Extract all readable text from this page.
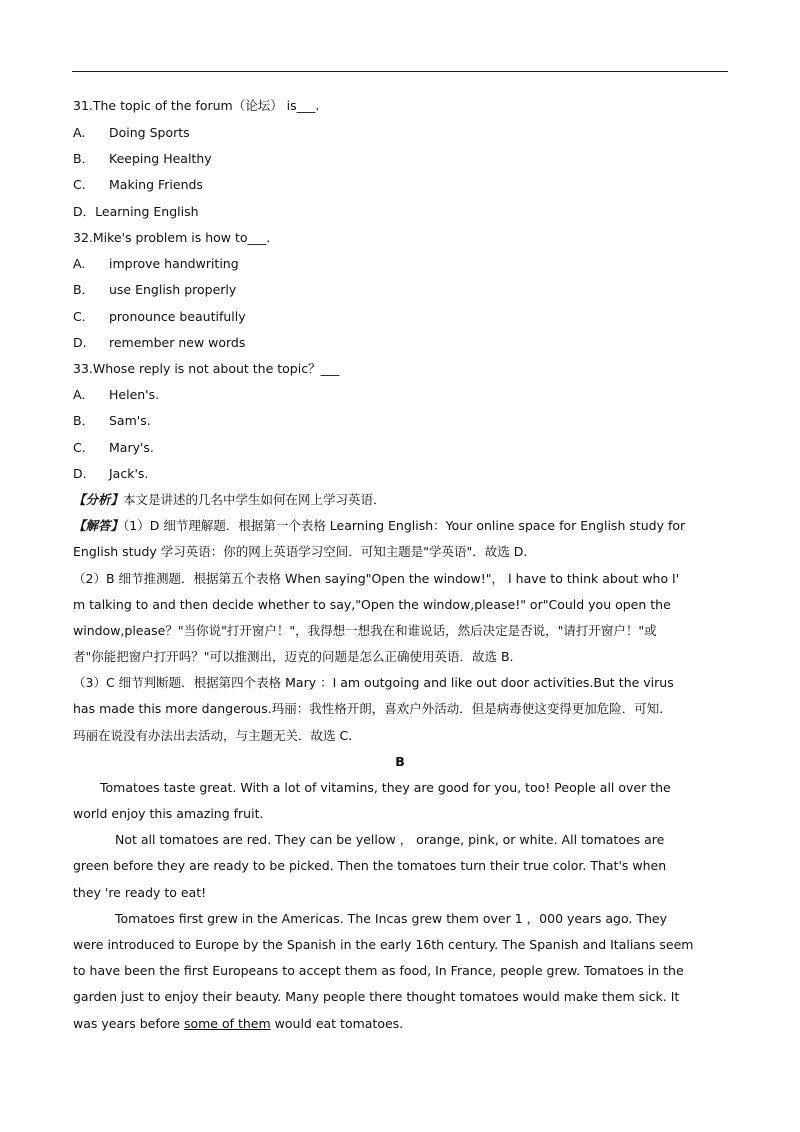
31.The topic of the forum（论坛） is___.
A. Doing Sports
B． Keeping Healthy
C. Making Friends
D．Learning English
32.Mike's problem is how to___.
A. improve handwriting
B． use English properly
C. pronounce beautifully
D. remember new words
33.Whose reply is not about the topic？___
A. Helen's.
B． Sam's.
C. Mary's.
D. Jack's.
【分析】本文是讲述的几名中学生如何在网上学习英语．
【解答】（1）D 细节理解题．根据第一个表格 Learning English：Your online space for English study for
English study 学习英语：你的网上英语学习空间．可知主题是"学英语"．故选 D.
（2）B 细节推测题．根据第五个表格 When saying"Open the window!"， I have to think about who I'
m talking to and then decide whether to say,"Open the window,please!" or"Could you open the
window,please？"当你说"打开窗户！"，我得想一想我在和谁说话，然后决定是否说，"请打开窗户！"或
者"你能把窗户打开吗？"可以推测出，迈克的问题是怎么正确使用英语．故选 B.
（3）C 细节判断题．根据第四个表格 Mary ：I am outgoing and like out door activities.But the virus
has made this more dangerous.玛丽：我性格开朗，喜欢户外活动．但是病毒使这变得更加危险．可知．
玛丽在说没有办法出去活动，与主题无关．故选 C.
B
Tomatoes taste great. With a lot of vitamins, they are good for you, too! People all over the
world enjoy this amazing fruit.
Not all tomatoes are red. They can be yellow ， orange, pink, or white. All tomatoes are
green before they are ready to be picked. Then the tomatoes turn their true color. That's when
they 're ready to eat!
Tomatoes first grew in the Americas. The Incas grew them over 1 ，000 years ago. They
were introduced to Europe by the Spanish in the early 16th century. The Spanish and Italians seem
to have been the first Europeans to accept them as food, In France, people grew. Tomatoes in the
garden just to enjoy their beauty. Many people there thought tomatoes would make them sick. It
was years before some of them would eat tomatoes.
